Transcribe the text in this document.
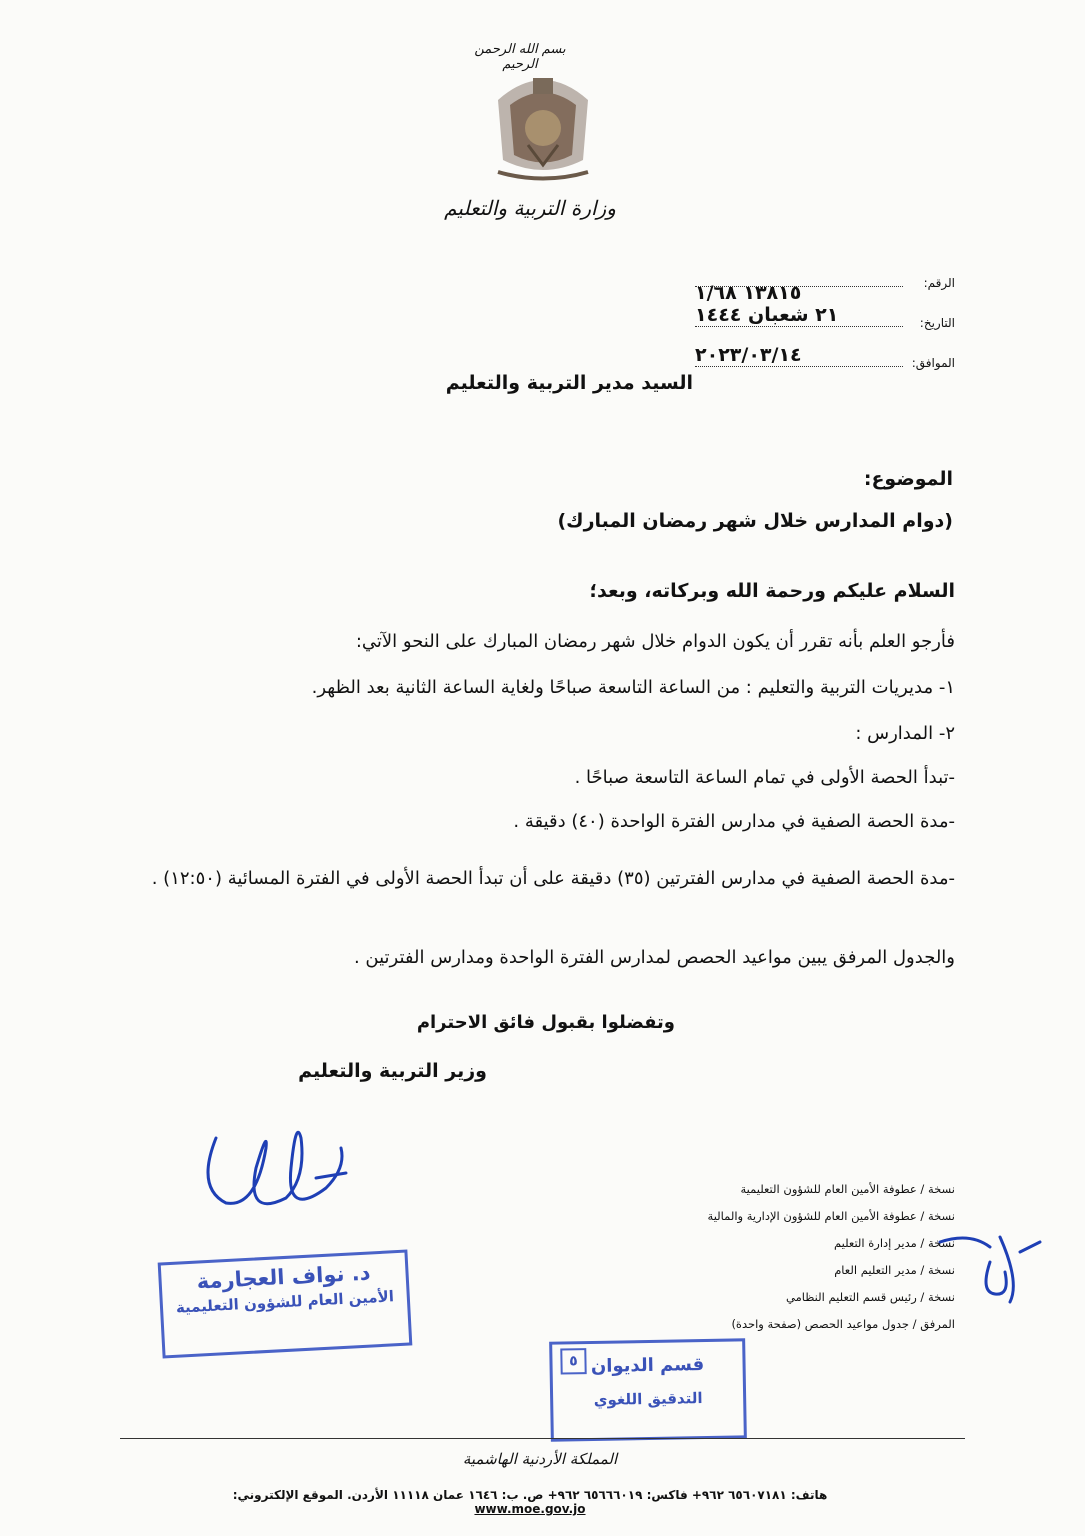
بسم الله الرحمن الرحيم
وزارة التربية والتعليم
الرقم:
١٣٨١٥ ١/٦٨
التاريخ:
٢١ شعبان ١٤٤٤
الموافق:
٢٠٢٣/٠٣/١٤
السيد مدير التربية والتعليم
الموضوع:
(دوام المدارس خلال شهر رمضان المبارك)
السلام عليكم ورحمة الله وبركاته، وبعد؛
فأرجو العلم بأنه تقرر أن يكون الدوام خلال شهر رمضان المبارك على النحو الآتي:
١- مديريات التربية والتعليم : من الساعة التاسعة صباحًا ولغاية الساعة الثانية بعد الظهر.
٢- المدارس :
-تبدأ الحصة الأولى في تمام الساعة التاسعة صباحًا .
-مدة الحصة الصفية في مدارس الفترة الواحدة (٤٠) دقيقة .
-مدة الحصة الصفية في مدارس الفترتين (٣٥) دقيقة على أن تبدأ الحصة الأولى في الفترة المسائية (١٢:٥٠) .
والجدول المرفق يبين مواعيد الحصص لمدارس الفترة الواحدة ومدارس الفترتين .
وتفضلوا بقبول فائق الاحترام
وزير التربية والتعليم
د. نواف العجارمة
الأمين العام للشؤون التعليمية
نسخة / عطوفة الأمين العام للشؤون التعليمية
نسخة / عطوفة الأمين العام للشؤون الإدارية والمالية
نسخة / مدير إدارة التعليم
نسخة / مدير التعليم العام
نسخة / رئيس قسم التعليم النظامي
المرفق / جدول مواعيد الحصص (صفحة واحدة)
٥ قسم الديوان
التدقيق اللغوي
المملكة الأردنية الهاشمية
هاتف: ٦٥٦٠٧١٨١ ٩٦٢+ فاكس: ٦٥٦٦٦٠١٩ ٩٦٢+ ص. ب: ١٦٤٦ عمان ١١١١٨ الأردن. الموقع الإلكتروني: www.moe.gov.jo
